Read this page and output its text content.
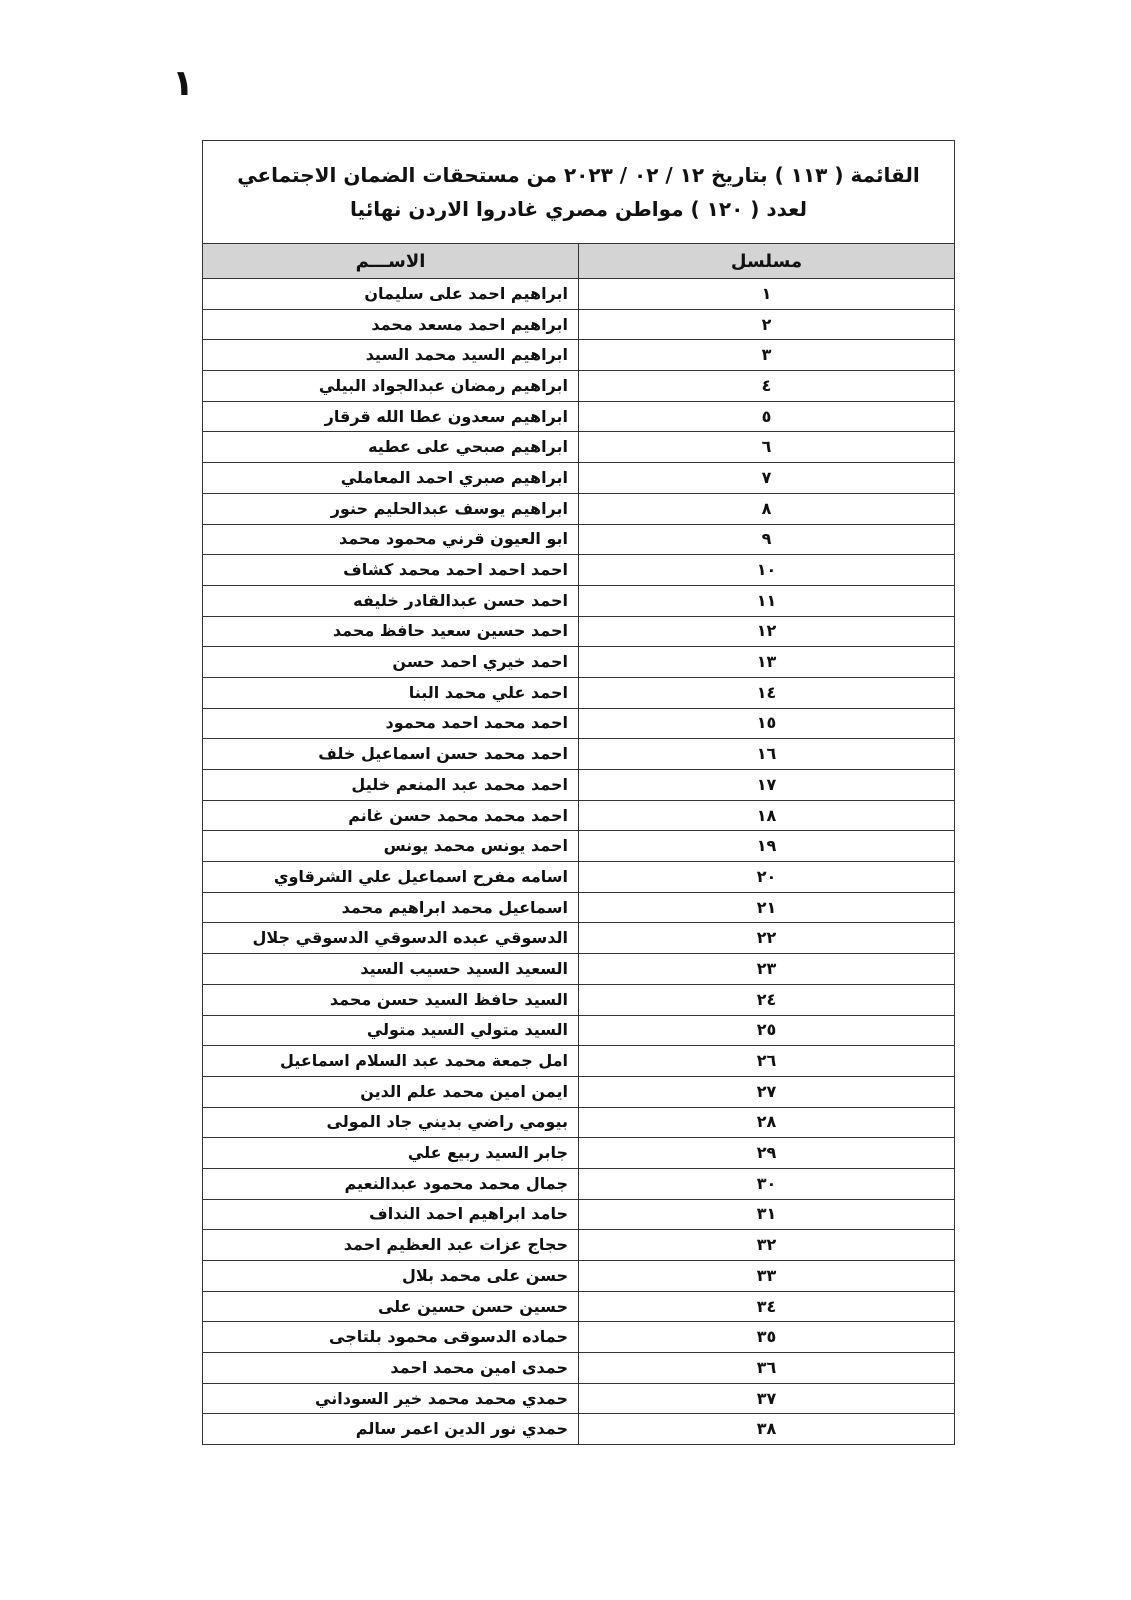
١
القائمة ( ١١٣ ) بتاريخ ١٢ / ٠٢ / ٢٠٢٣ من مستحقات الضمان الاجتماعي
لعدد ( ١٢٠ ) مواطن مصري غادروا الاردن نهائيا	

مسلسل	الاســـم
١	ابراهيم احمد على سليمان
٢	ابراهيم احمد مسعد محمد
٣	ابراهيم السيد محمد السيد
٤	ابراهيم رمضان عبدالجواد البيلي
٥	ابراهيم سعدون عطا الله قرقار
٦	ابراهيم صبحي على عطيه
٧	ابراهيم صبري احمد المعاملي
٨	ابراهيم يوسف عبدالحليم حنور
٩	ابو العيون قرني محمود محمد
١٠	احمد احمد احمد محمد كشاف
١١	احمد حسن عبدالقادر خليفه
١٢	احمد حسين سعيد حافظ محمد
١٣	احمد خيري احمد حسن
١٤	احمد علي محمد البنا
١٥	احمد محمد احمد محمود
١٦	احمد محمد حسن اسماعيل خلف
١٧	احمد محمد عبد المنعم خليل
١٨	احمد محمد محمد حسن غانم
١٩	احمد يونس محمد يونس
٢٠	اسامه مفرح اسماعيل علي الشرقاوي
٢١	اسماعيل محمد ابراهيم محمد
٢٢	الدسوقي عبده الدسوقي الدسوقي جلال
٢٣	السعيد السيد حسيب السيد
٢٤	السيد حافظ السيد حسن محمد
٢٥	السيد متولي السيد متولي
٢٦	امل جمعة محمد عبد السلام اسماعيل
٢٧	ايمن امين محمد علم الدين
٢٨	بيومي راضي بديني جاد المولى
٢٩	جابر السيد ربيع علي
٣٠	جمال محمد محمود عبدالنعيم
٣١	حامد ابراهيم احمد النداف
٣٢	حجاج عزات عبد العظيم احمد
٣٣	حسن على محمد بلال
٣٤	حسين حسن حسين على
٣٥	حماده الدسوقى محمود بلتاجى
٣٦	حمدى امين محمد احمد
٣٧	حمدي محمد محمد خير السوداني
٣٨	حمدي نور الدين اعمر سالم
